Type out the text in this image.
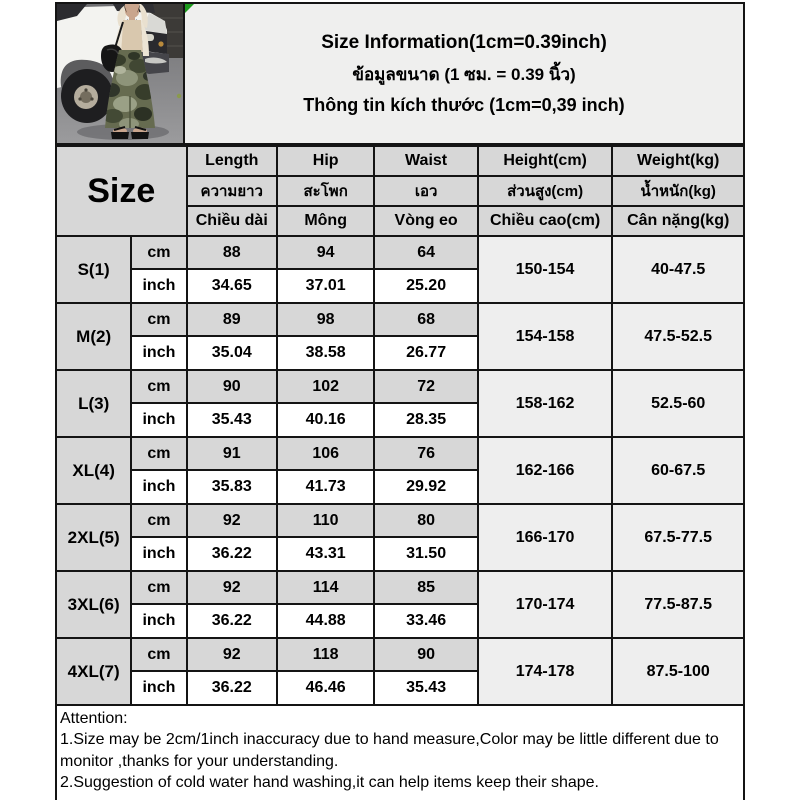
Size Information(1cm=0.39inch)
ข้อมูลขนาด (1 ซม. = 0.39 นิ้ว)
Thông tin kích thước (1cm=0,39 inch)
Size		Length	Hip	Waist	Height(cm)	Weight(kg)
		ความยาว	สะโพก	เอว	ส่วนสูง(cm)	น้ำหนัก(kg)
		Chiều dài	Mông	Vòng eo	Chiều cao(cm)	Cân nặng(kg)
S(1)	cm	88	94	64	150-154	40-47.5
	inch	34.65	37.01	25.20		
M(2)	cm	89	98	68	154-158	47.5-52.5
	inch	35.04	38.58	26.77		
L(3)	cm	90	102	72	158-162	52.5-60
	inch	35.43	40.16	28.35		
XL(4)	cm	91	106	76	162-166	60-67.5
	inch	35.83	41.73	29.92		
2XL(5)	cm	92	110	80	166-170	67.5-77.5
	inch	36.22	43.31	31.50		
3XL(6)	cm	92	114	85	170-174	77.5-87.5
	inch	36.22	44.88	33.46		
4XL(7)	cm	92	118	90	174-178	87.5-100
	inch	36.22	46.46	35.43		

Attention:

1.Size may be 2cm/1inch inaccuracy due to hand measure,Color may be little different due to monitor ,thanks for your understanding.

2.Suggestion of cold water hand washing,it can help items keep their shape.
